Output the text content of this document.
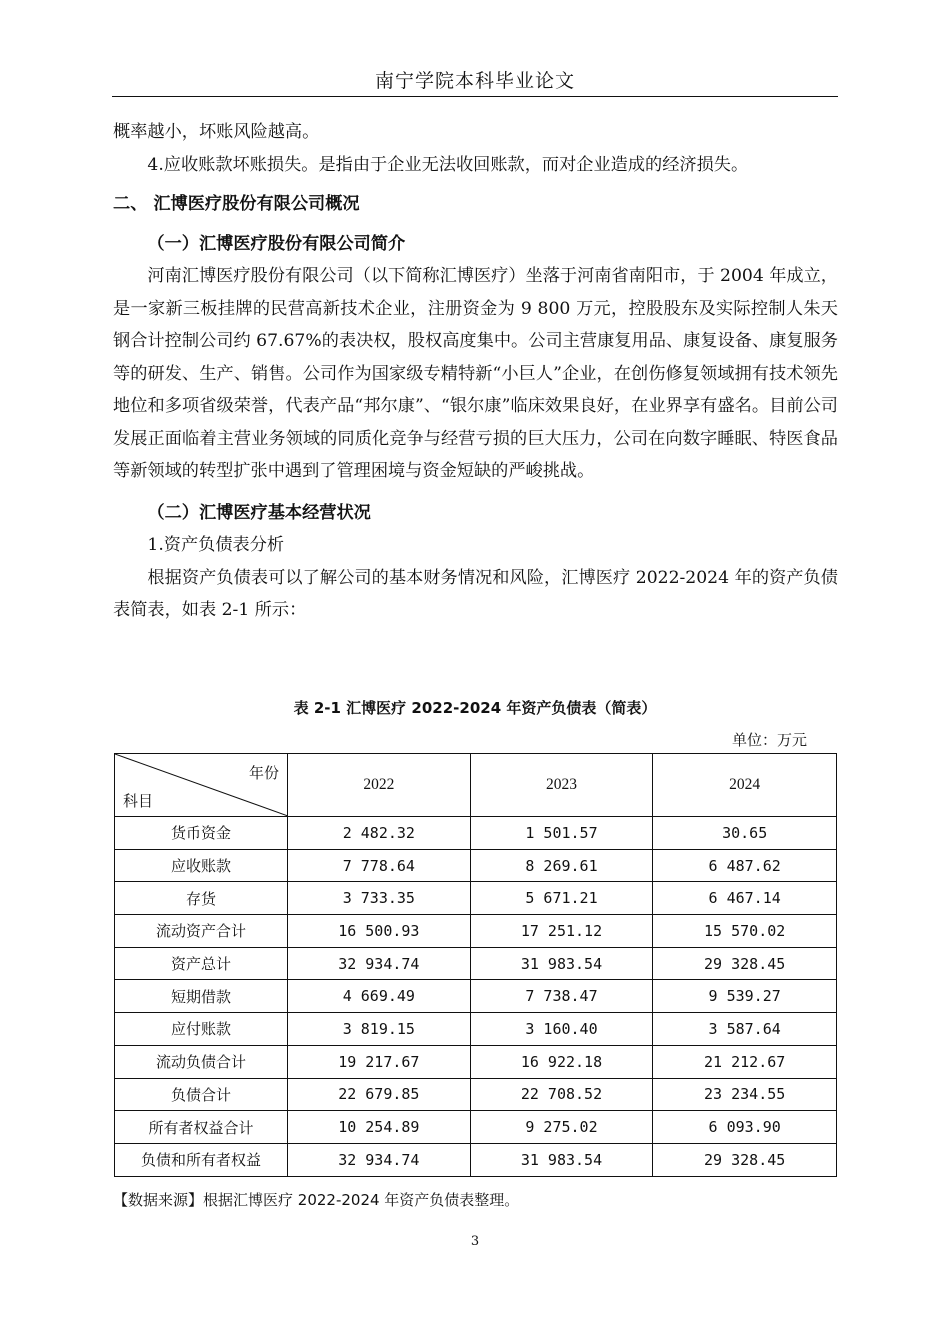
南宁学院本科毕业论文

概率越小，坏账风险越高。

4.应收账款坏账损失。是指由于企业无法收回账款，而对企业造成的经济损失。

二、 汇博医疗股份有限公司概况

（一）汇博医疗股份有限公司简介

河南汇博医疗股份有限公司（以下简称汇博医疗）坐落于河南省南阳市，于 2004 年成立，是一家新三板挂牌的民营高新技术企业，注册资金为 9 800 万元，控股股东及实际控制人朱天钢合计控制公司约 67.67%的表决权，股权高度集中。公司主营康复用品、康复设备、康复服务等的研发、生产、销售。公司作为国家级专精特新“小巨人”企业，在创伤修复领域拥有技术领先地位和多项省级荣誉，代表产品“邦尔康”、“银尔康”临床效果良好，在业界享有盛名。目前公司发展正面临着主营业务领域的同质化竞争与经营亏损的巨大压力，公司在向数字睡眠、特医食品等新领域的转型扩张中遇到了管理困境与资金短缺的严峻挑战。

（二）汇博医疗基本经营状况

1.资产负债表分析

根据资产负债表可以了解公司的基本财务情况和风险，汇博医疗 2022-2024 年的资产负债表简表，如表 2-1 所示：

表 2-1 汇博医疗 2022-2024 年资产负债表（简表）
单位：万元
年份
科目	2022	2023	2024
货币资金	2 482.32	1 501.57	30.65
应收账款	7 778.64	8 269.61	6 487.62
存货	3 733.35	5 671.21	6 467.14
流动资产合计	16 500.93	17 251.12	15 570.02
资产总计	32 934.74	31 983.54	29 328.45
短期借款	4 669.49	7 738.47	9 539.27
应付账款	3 819.15	3 160.40	3 587.64
流动负债合计	19 217.67	16 922.18	21 212.67
负债合计	22 679.85	22 708.52	23 234.55
所有者权益合计	10 254.89	9 275.02	6 093.90
负债和所有者权益	32 934.74	31 983.54	29 328.45
【数据来源】根据汇博医疗 2022-2024 年资产负债表整理。
3
